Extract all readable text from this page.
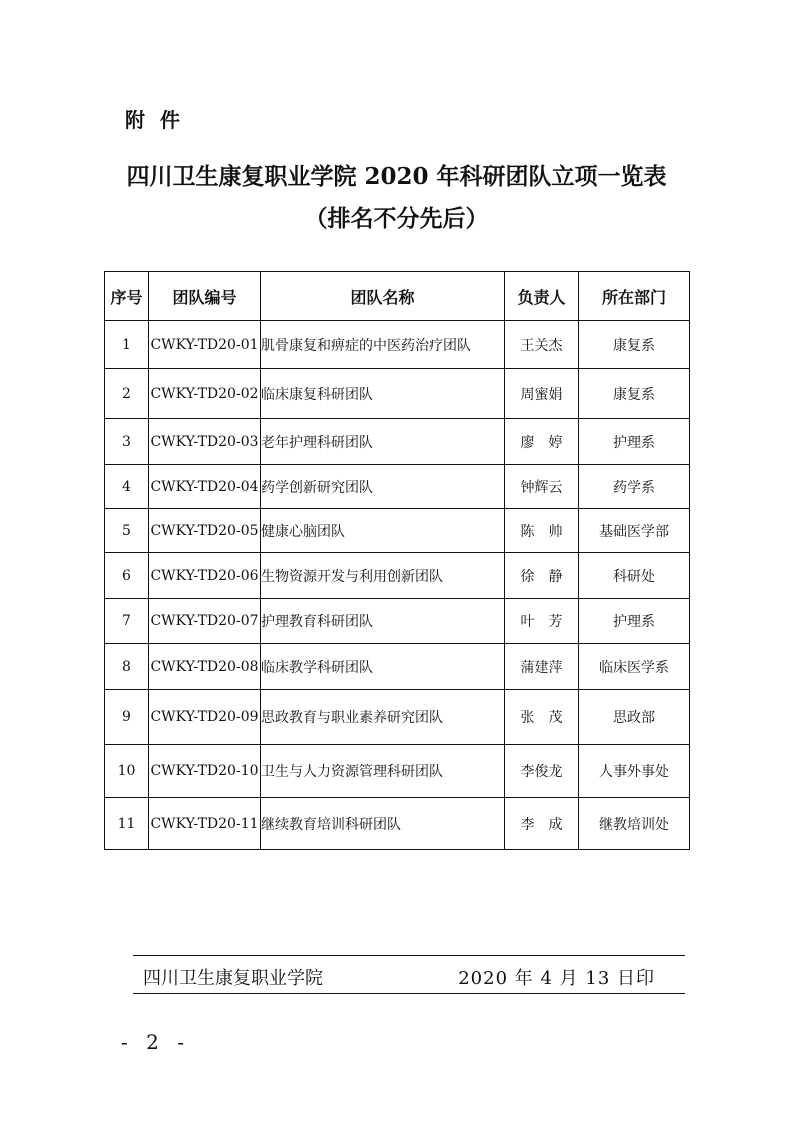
附 件
四川卫生康复职业学院 2020 年科研团队立项一览表
（排名不分先后）
序号	团队编号	团队名称	负责人	所在部门
1	CWKY-TD20-01	肌骨康复和痹症的中医药治疗团队	王关杰	康复系
2	CWKY-TD20-02	临床康复科研团队	周蜜娟	康复系
3	CWKY-TD20-03	老年护理科研团队	廖　婷	护理系
4	CWKY-TD20-04	药学创新研究团队	钟辉云	药学系
5	CWKY-TD20-05	健康心脑团队	陈　帅	基础医学部
6	CWKY-TD20-06	生物资源开发与利用创新团队	徐　静	科研处
7	CWKY-TD20-07	护理教育科研团队	叶　芳	护理系
8	CWKY-TD20-08	临床教学科研团队	蒲建萍	临床医学系
9	CWKY-TD20-09	思政教育与职业素养研究团队	张　茂	思政部
10	CWKY-TD20-10	卫生与人力资源管理科研团队	李俊龙	人事外事处
11	CWKY-TD20-11	继续教育培训科研团队	李　成	继教培训处
四川卫生康复职业学院	2020 年 4 月 13 日印
- 2 -
